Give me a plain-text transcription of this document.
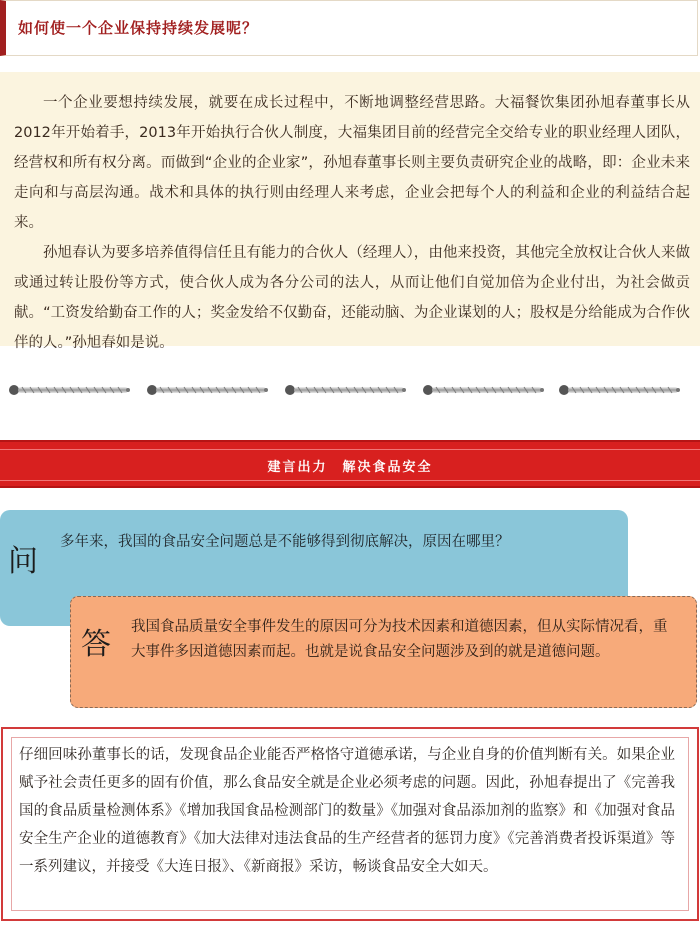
如何使一个企业保持持续发展呢？

一个企业要想持续发展，就要在成长过程中，不断地调整经营思路。大福餐饮集团孙旭春董事长从2012年开始着手，2013年开始执行合伙人制度，大福集团目前的经营完全交给专业的职业经理人团队，经营权和所有权分离。而做到“企业的企业家”，孙旭春董事长则主要负责研究企业的战略，即：企业未来走向和与高层沟通。战术和具体的执行则由经理人来考虑，企业会把每个人的利益和企业的利益结合起来。

孙旭春认为要多培养值得信任且有能力的合伙人（经理人），由他来投资，其他完全放权让合伙人来做或通过转让股份等方式，使合伙人成为各分公司的法人，从而让他们自觉加倍为企业付出，为社会做贡献。“工资发给勤奋工作的人；奖金发给不仅勤奋，还能动脑、为企业谋划的人；股权是分给能成为合作伙伴的人。”孙旭春如是说。

建言出力　解决食品安全
问
多年来，我国的食品安全问题总是不能够得到彻底解决，原因在哪里？
答 我国食品质量安全事件发生的原因可分为技术因素和道德因素，但从实际情况看，重大事件多因道德因素而起。也就是说食品安全问题涉及到的就是道德问题。

仔细回味孙董事长的话，发现食品企业能否严格恪守道德承诺，与企业自身的价值判断有关。如果企业赋予社会责任更多的固有价值，那么食品安全就是企业必须考虑的问题。因此，孙旭春提出了《完善我国的食品质量检测体系》《增加我国食品检测部门的数量》《加强对食品添加剂的监察》和《加强对食品安全生产企业的道德教育》《加大法律对违法食品的生产经营者的惩罚力度》《完善消费者投诉渠道》等一系列建议，并接受《大连日报》、《新商报》采访，畅谈食品安全大如天。
